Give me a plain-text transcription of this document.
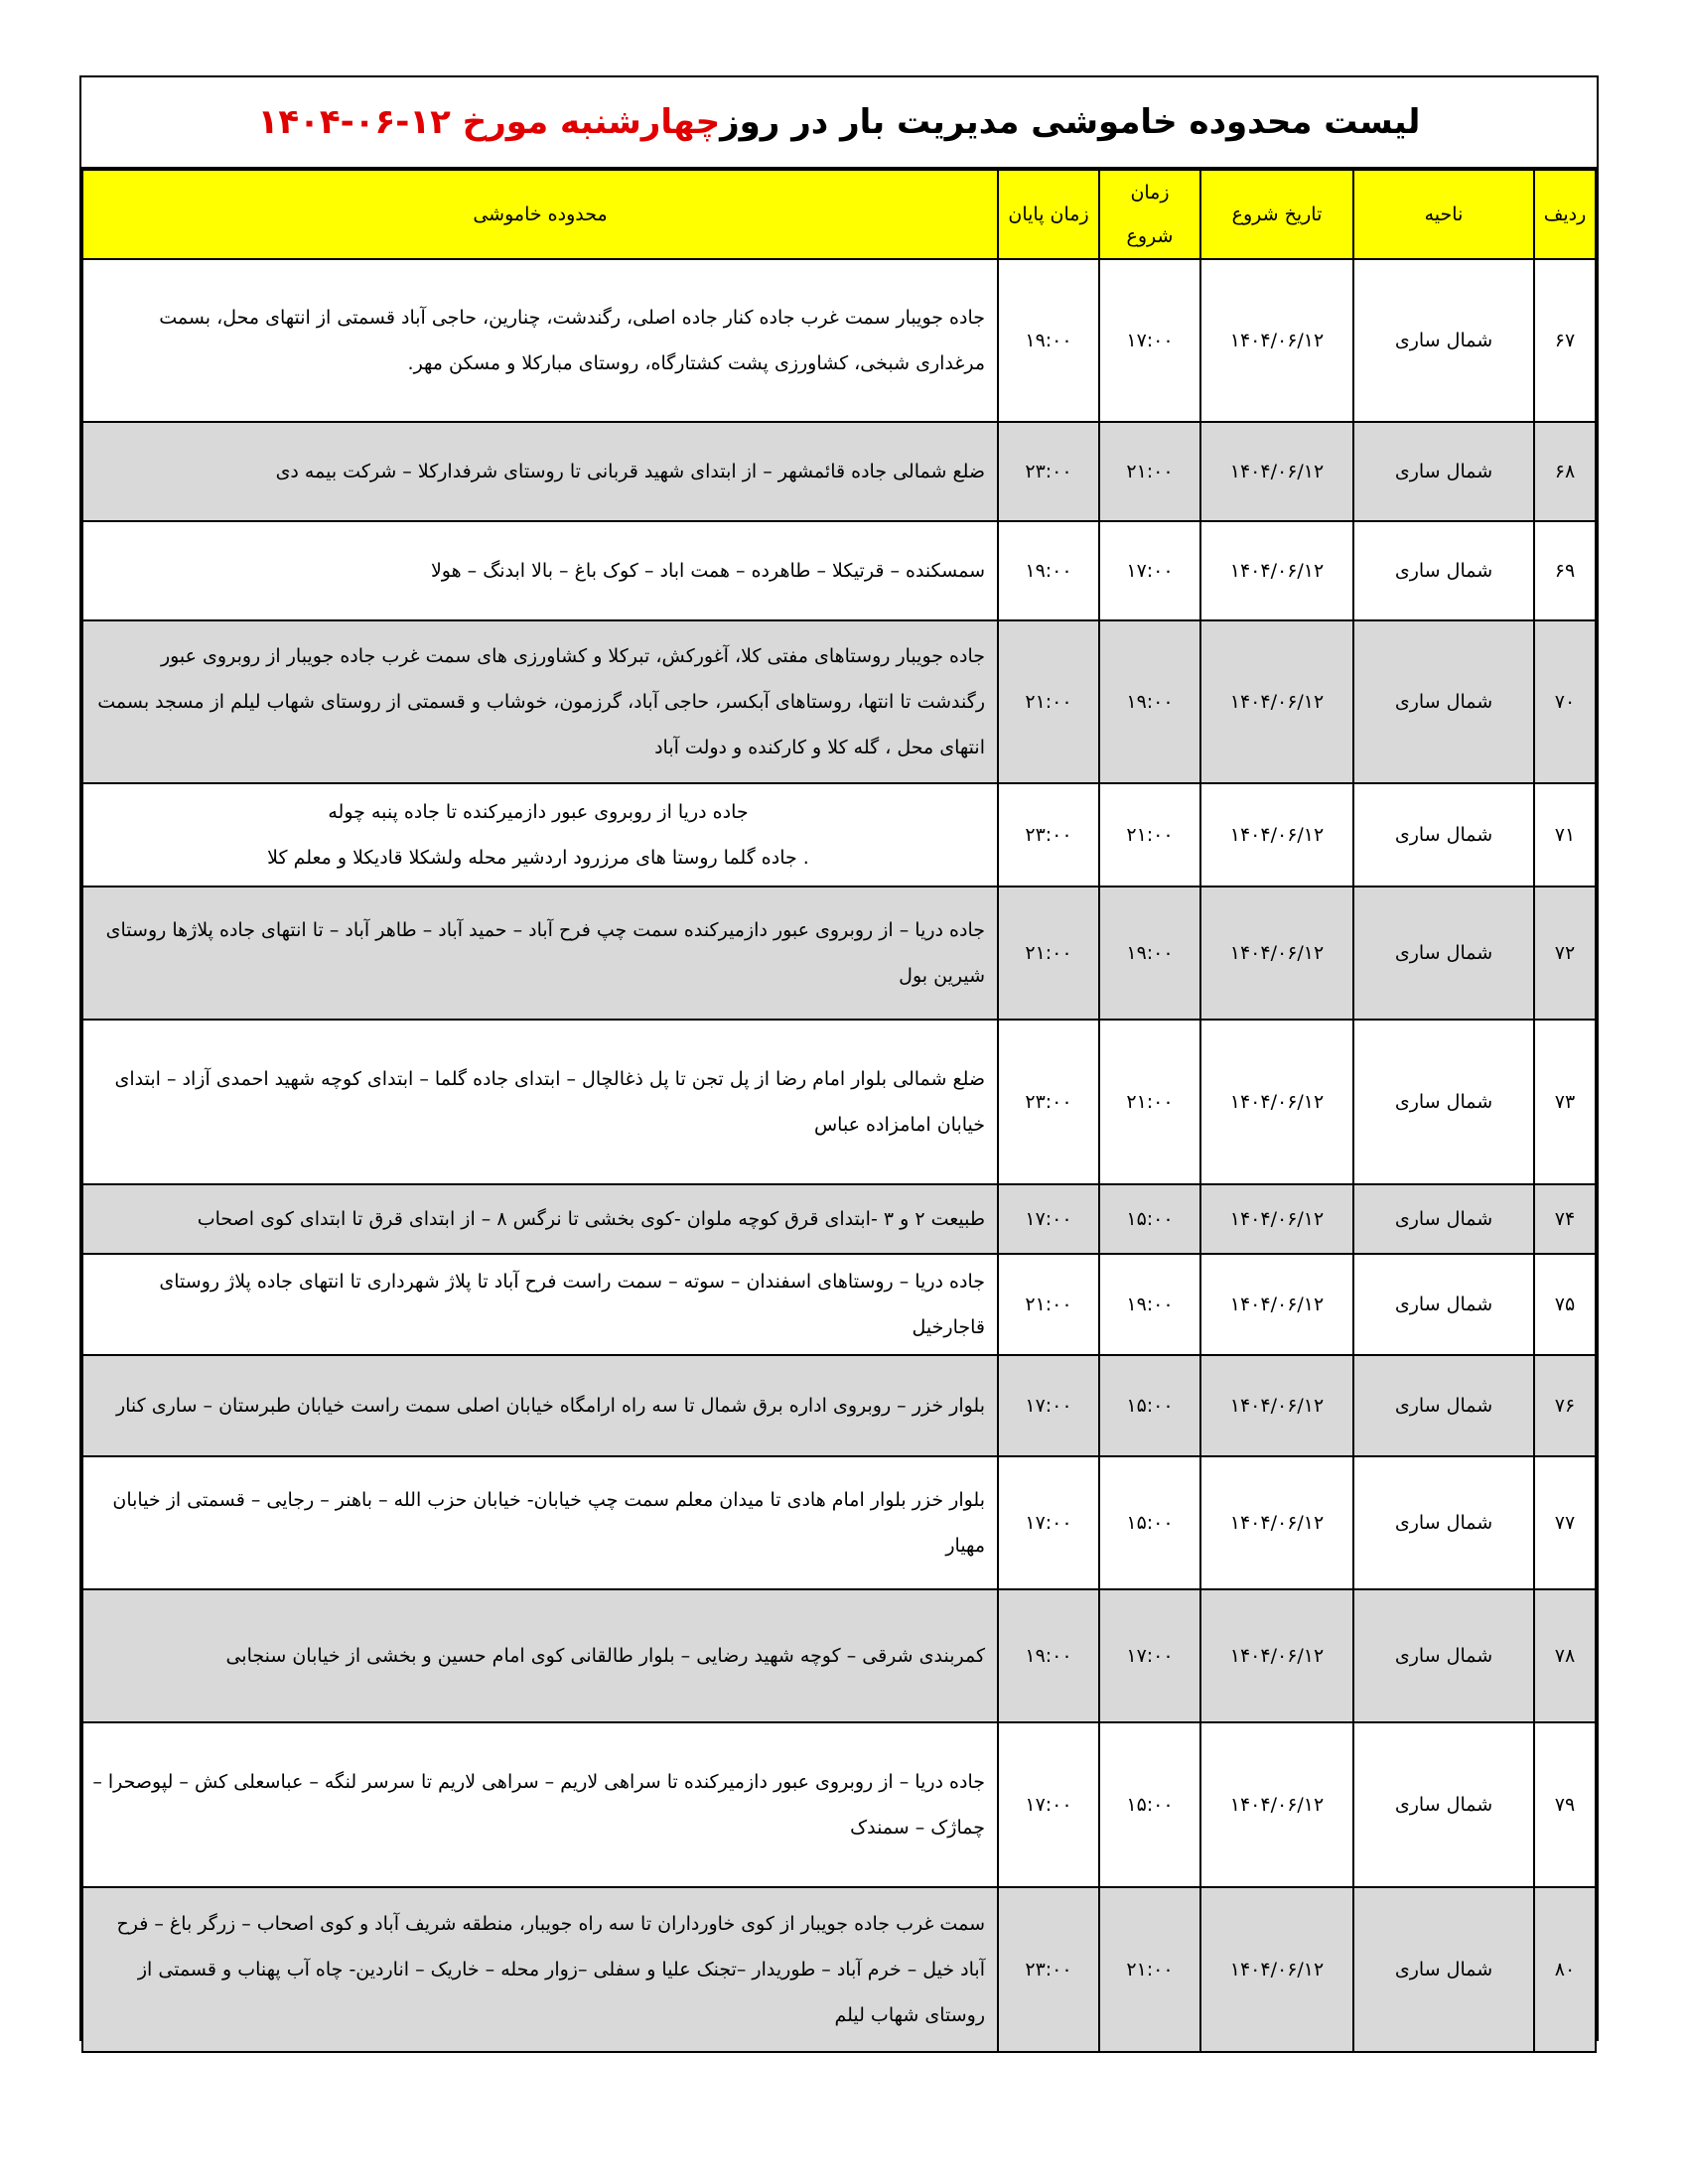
لیست محدوده خاموشی مدیریت بار در روز
چهارشنبه مورخ ۱۲-۰۶-۱۴۰۴
ردیف	ناحیه	تاریخ شروع	زمان شروع	زمان پایان	محدوده خاموشی
۶۷	شمال ساری	۱۴۰۴/۰۶/۱۲	۱۷:۰۰	۱۹:۰۰	جاده جویبار سمت غرب جاده کنار جاده اصلی، رگندشت، چنارین، حاجی آباد قسمتی از انتهای محل، بسمت مرغداری شبخی، کشاورزی پشت کشتارگاه، روستای مبارکلا و مسکن مهر.
۶۸	شمال ساری	۱۴۰۴/۰۶/۱۲	۲۱:۰۰	۲۳:۰۰	ضلع شمالی جاده قائمشهر – از ابتدای شهید قربانی تا روستای شرفدارکلا – شرکت بیمه دی
۶۹	شمال ساری	۱۴۰۴/۰۶/۱۲	۱۷:۰۰	۱۹:۰۰	سمسکنده – قرتیکلا – طاهرده – همت اباد – کوک باغ – بالا ابدنگ – هولا
۷۰	شمال ساری	۱۴۰۴/۰۶/۱۲	۱۹:۰۰	۲۱:۰۰	جاده جویبار روستاهای مفتی کلا، آغورکش، تبرکلا و کشاورزی های سمت غرب جاده جویبار از روبروی عبور رگندشت تا انتها، روستاهای آبکسر، حاجی آباد، گرزمون، خوشاب و قسمتی از روستای شهاب لیلم از مسجد بسمت انتهای محل ، گله کلا و کارکنده و دولت آباد
۷۱	شمال ساری	۱۴۰۴/۰۶/۱۲	۲۱:۰۰	۲۳:۰۰	جاده دریا از روبروی عبور دازمیرکنده تا جاده پنبه چوله
. جاده گلما روستا های مرزرود اردشیر محله ولشکلا قادیکلا و معلم کلا

۷۲	شمال ساری	۱۴۰۴/۰۶/۱۲	۱۹:۰۰	۲۱:۰۰	جاده دریا – از روبروی عبور دازمیرکنده سمت چپ فرح آباد – حمید آباد – طاهر آباد – تا انتهای جاده پلاژها روستای شیرین بول
۷۳	شمال ساری	۱۴۰۴/۰۶/۱۲	۲۱:۰۰	۲۳:۰۰	ضلع شمالی بلوار امام رضا از پل تجن تا پل ذغالچال – ابتدای جاده گلما – ابتدای کوچه شهید احمدی آزاد – ابتدای خیابان امامزاده عباس
۷۴	شمال ساری	۱۴۰۴/۰۶/۱۲	۱۵:۰۰	۱۷:۰۰	طبیعت ۲ و ۳ -ابتدای قرق کوچه ملوان -کوی بخشی تا نرگس ۸ – از ابتدای قرق تا ابتدای کوی اصحاب
۷۵	شمال ساری	۱۴۰۴/۰۶/۱۲	۱۹:۰۰	۲۱:۰۰	جاده دریا – روستاهای اسفندان – سوته – سمت راست فرح آباد تا پلاژ شهرداری تا انتهای جاده پلاژ روستای قاجارخیل
۷۶	شمال ساری	۱۴۰۴/۰۶/۱۲	۱۵:۰۰	۱۷:۰۰	بلوار خزر – روبروی اداره برق شمال تا سه راه ارامگاه خیابان اصلی سمت راست خیابان طبرستان – ساری کنار
۷۷	شمال ساری	۱۴۰۴/۰۶/۱۲	۱۵:۰۰	۱۷:۰۰	بلوار خزر بلوار امام هادی تا میدان معلم سمت چپ خیابان- خیابان حزب الله – باهنر – رجایی – قسمتی از خیابان مهیار
۷۸	شمال ساری	۱۴۰۴/۰۶/۱۲	۱۷:۰۰	۱۹:۰۰	کمربندی شرقی – کوچه شهید رضایی – بلوار طالقانی کوی امام حسین و بخشی از خیابان سنجابی
۷۹	شمال ساری	۱۴۰۴/۰۶/۱۲	۱۵:۰۰	۱۷:۰۰	جاده دریا – از روبروی عبور دازمیرکنده تا سراهی لاریم – سراهی لاریم تا سرسر لنگه – عباسعلی کش – لپوصحرا – چماژک – سمندک
۸۰	شمال ساری	۱۴۰۴/۰۶/۱۲	۲۱:۰۰	۲۳:۰۰	سمت غرب جاده جویبار از کوی خاورداران تا سه راه جویبار، منطقه شریف آباد و کوی اصحاب – زرگر باغ – فرح آباد خیل – خرم آباد – طوریدار –تجنک علیا و سفلی –زوار محله – خاریک – اناردین- چاه آب پهناب و قسمتی از روستای شهاب لیلم
